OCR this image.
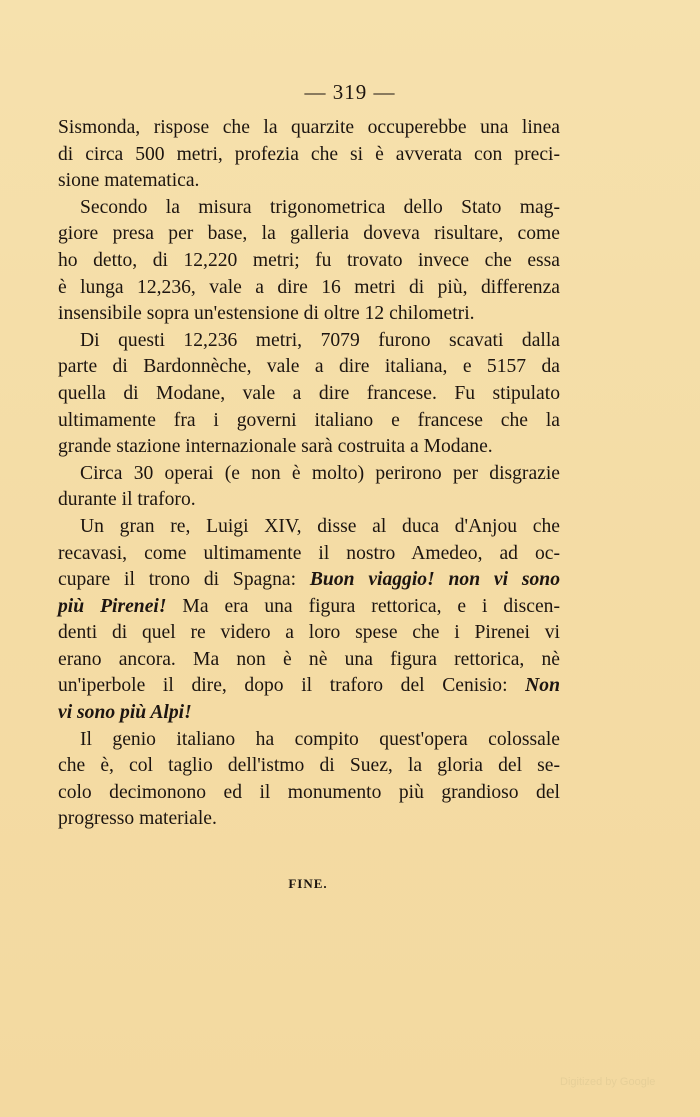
— 319 —
Sismonda, rispose che la quarzite occuperebbe una linea
di circa 500 metri, profezia che si è avverata con preci-
sione matematica.
Secondo la misura trigonometrica dello Stato mag-
giore presa per base, la galleria doveva risultare, come
ho detto, di 12,220 metri; fu trovato invece che essa
è lunga 12,236, vale a dire 16 metri di più, differenza
insensibile sopra un'estensione di oltre 12 chilometri.
Di questi 12,236 metri, 7079 furono scavati dalla
parte di Bardonnèche, vale a dire italiana, e 5157 da
quella di Modane, vale a dire francese. Fu stipulato
ultimamente fra i governi italiano e francese che la
grande stazione internazionale sarà costruita a Modane.
Circa 30 operai (e non è molto) perirono per disgrazie
durante il traforo.
Un gran re, Luigi XIV, disse al duca d'Anjou che
recavasi, come ultimamente il nostro Amedeo, ad oc-
cupare il trono di Spagna: Buon viaggio! non vi sono
più Pirenei! Ma era una figura rettorica, e i discen-
denti di quel re videro a loro spese che i Pirenei vi
erano ancora. Ma non è nè una figura rettorica, nè
un'iperbole il dire, dopo il traforo del Cenisio: Non
vi sono più Alpi!
Il genio italiano ha compito quest'opera colossale
che è, col taglio dell'istmo di Suez, la gloria del se-
colo decimonono ed il monumento più grandioso del
progresso materiale.
FINE.
Digitized by Google
